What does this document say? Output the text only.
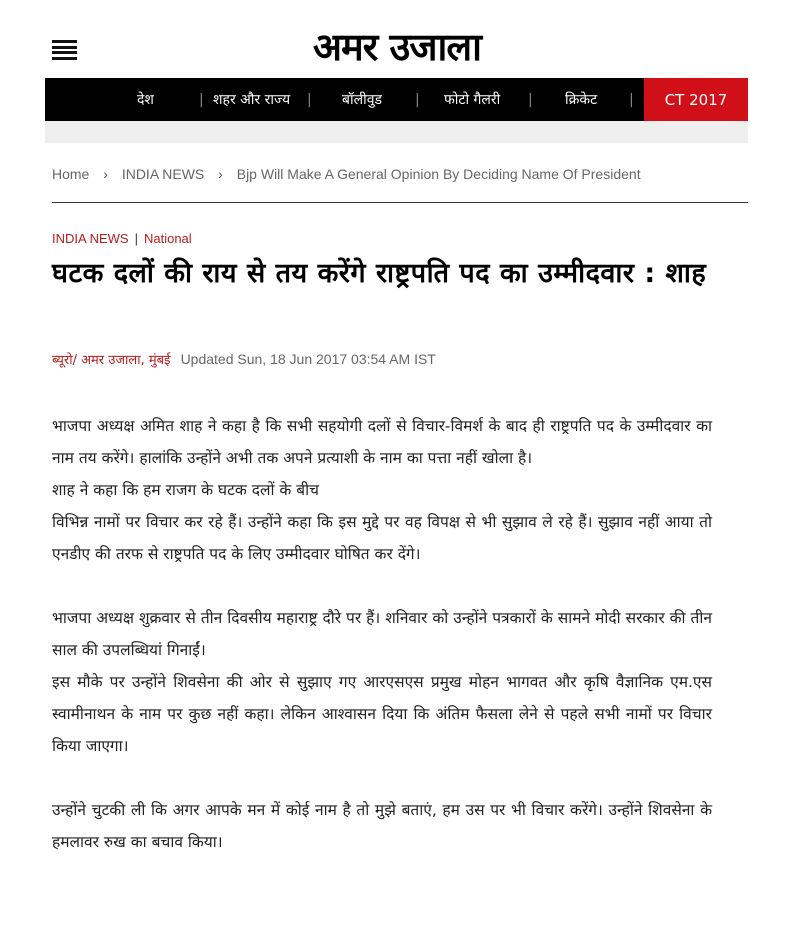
अमर उजाला
देश	| शहर और राज्य | बॉलीवुड | फोटो गैलरी | क्रिकेट |	CT 2017
Home › INDIA NEWS › Bjp Will Make A General Opinion By Deciding Name Of President
INDIA NEWS | National
घटक दलों की राय से तय करेंगे राष्ट्रपति पद का उम्मीदवार : शाह
ब्यूरो/ अमर उजाला, मुंबई Updated Sun, 18 Jun 2017 03:54 AM IST

भाजपा अध्यक्ष अमित शाह ने कहा है कि सभी सहयोगी दलों से विचार-विमर्श के बाद ही राष्ट्रपति पद के उम्मीदवार का नाम तय करेंगे। हालांकि उन्होंने अभी तक अपने प्रत्याशी के नाम का पत्ता नहीं खोला है।

शाह ने कहा कि हम राजग के घटक दलों के बीच

विभिन्न नामों पर विचार कर रहे हैं। उन्होंने कहा कि इस मुद्दे पर वह विपक्ष से भी सुझाव ले रहे हैं। सुझाव नहीं आया तो एनडीए की तरफ से राष्ट्रपति पद के लिए उम्मीदवार घोषित कर देंगे।

भाजपा अध्यक्ष शुक्रवार से तीन दिवसीय महाराष्ट्र दौरे पर हैं। शनिवार को उन्होंने पत्रकारों के सामने मोदी सरकार की तीन साल की उपलब्धियां गिनाईं।

इस मौके पर उन्होंने शिवसेना की ओर से सुझाए गए आरएसएस प्रमुख मोहन भागवत और कृषि वैज्ञानिक एम.एस स्वामीनाथन के नाम पर कुछ नहीं कहा। लेकिन आश्वासन दिया कि अंतिम फैसला लेने से पहले सभी नामों पर विचार किया जाएगा।

उन्होंने चुटकी ली कि अगर आपके मन में कोई नाम है तो मुझे बताएं, हम उस पर भी विचार करेंगे। उन्होंने शिवसेना के हमलावर रुख का बचाव किया।
